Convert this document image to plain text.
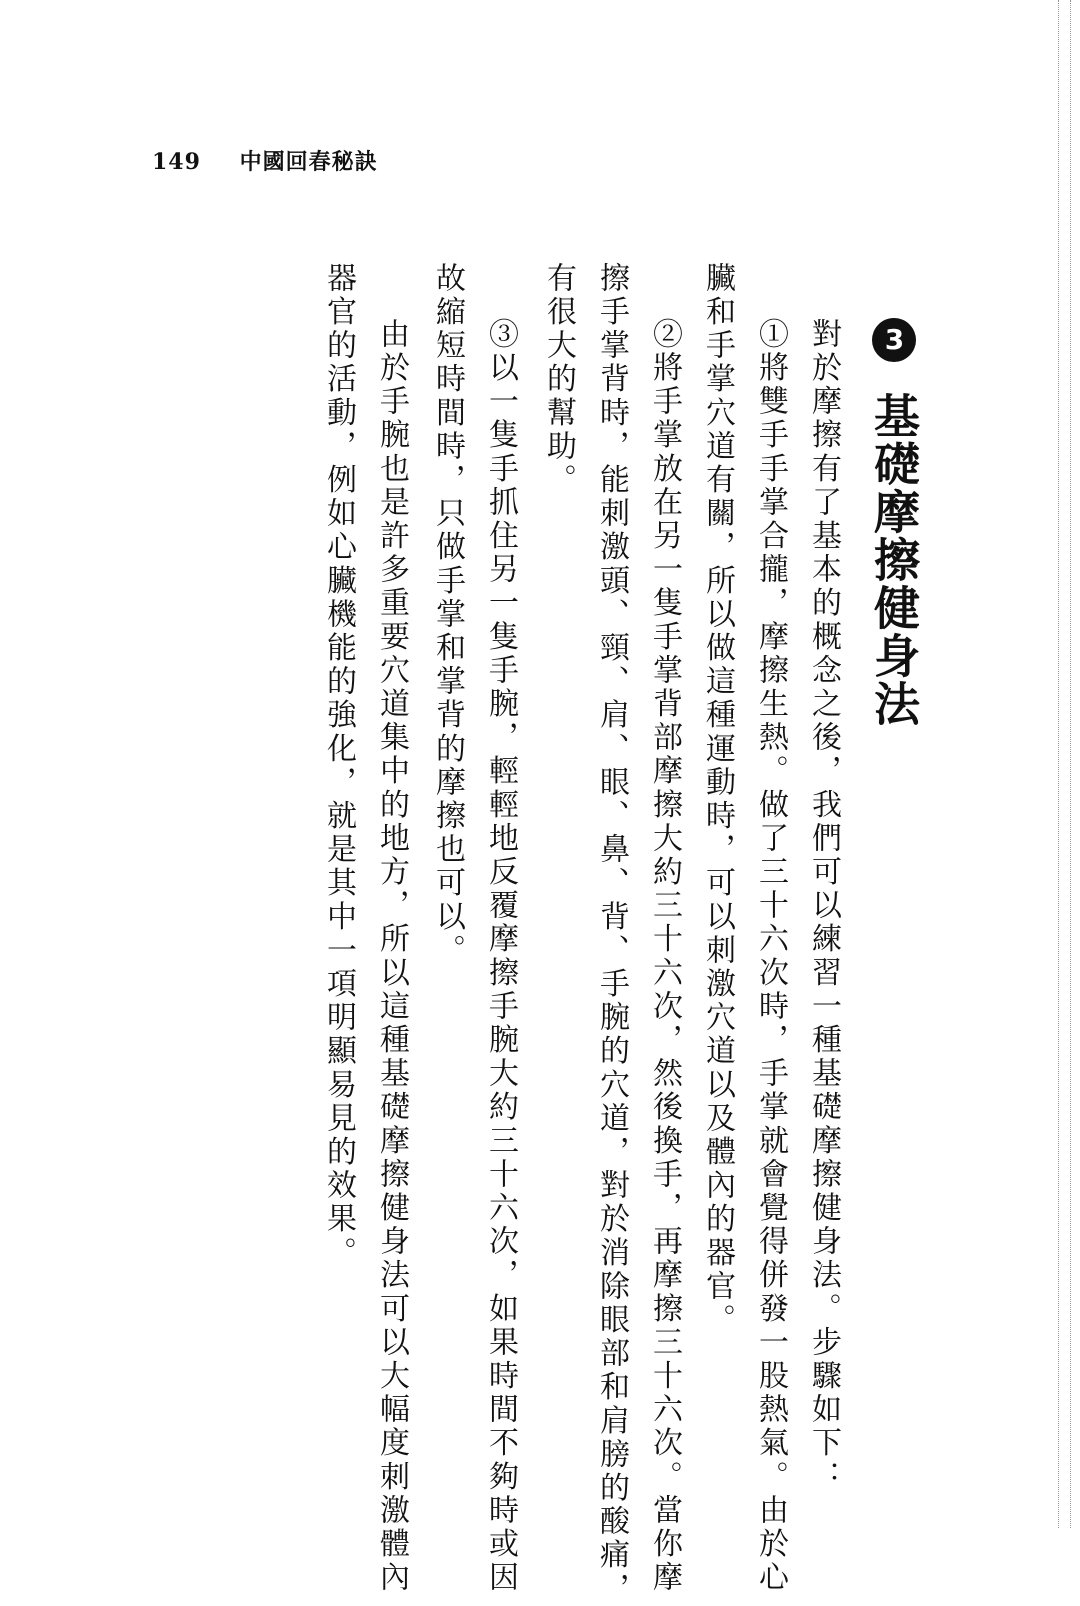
149 中國回春秘訣
3基礎摩擦健身法
對於摩擦有了基本的概念之後，我們可以練習一種基礎摩擦健身法。步驟如下：
①將雙手手掌合攏，摩擦生熱。做了三十六次時，手掌就會覺得併發一股熱氣。由於心
臟和手掌穴道有關，所以做這種運動時，可以刺激穴道以及體內的器官。
②將手掌放在另一隻手掌背部摩擦大約三十六次，然後換手，再摩擦三十六次。當你摩
擦手掌背時，能刺激頭、頸、肩、眼、鼻、背、手腕的穴道，對於消除眼部和肩膀的酸痛，
有很大的幫助。
③以一隻手抓住另一隻手腕，輕輕地反覆摩擦手腕大約三十六次，如果時間不夠時或因
故縮短時間時，只做手掌和掌背的摩擦也可以。
由於手腕也是許多重要穴道集中的地方，所以這種基礎摩擦健身法可以大幅度刺激體內
器官的活動，例如心臟機能的強化，就是其中一項明顯易見的效果。
